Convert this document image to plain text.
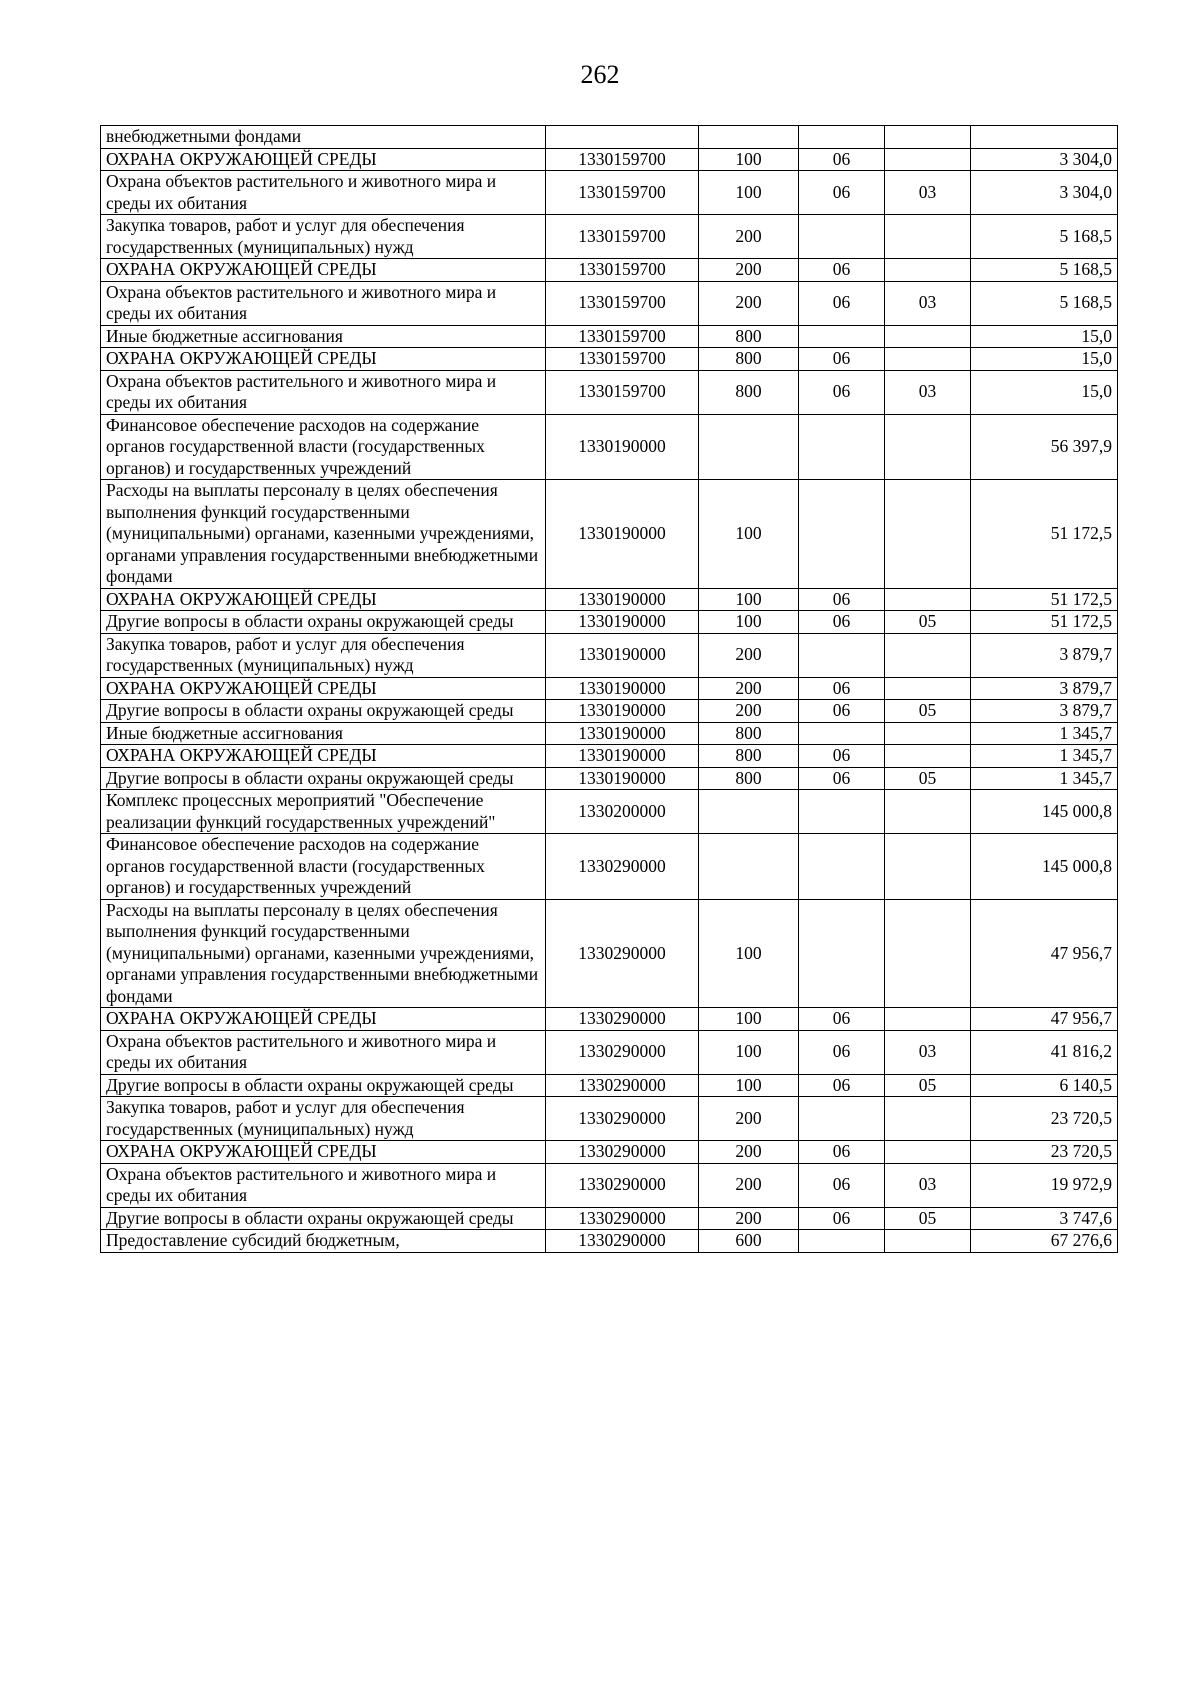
262
внебюджетными фондами					
ОХРАНА ОКРУЖАЮЩЕЙ СРЕДЫ	1330159700	100	06		3 304,0
Охрана объектов растительного и животного мира и среды их обитания	1330159700	100	06	03	3 304,0
Закупка товаров, работ и услуг для обеспечения государственных (муниципальных) нужд	1330159700	200			5 168,5
ОХРАНА ОКРУЖАЮЩЕЙ СРЕДЫ	1330159700	200	06		5 168,5
Охрана объектов растительного и животного мира и среды их обитания	1330159700	200	06	03	5 168,5
Иные бюджетные ассигнования	1330159700	800			15,0
ОХРАНА ОКРУЖАЮЩЕЙ СРЕДЫ	1330159700	800	06		15,0
Охрана объектов растительного и животного мира и среды их обитания	1330159700	800	06	03	15,0
Финансовое обеспечение расходов на содержание органов государственной власти (государственных органов) и государственных учреждений	1330190000				56 397,9
Расходы на выплаты персоналу в целях обеспечения выполнения функций государственными (муниципальными) органами, казенными учреждениями, органами управления государственными внебюджетными фондами	1330190000	100			51 172,5
ОХРАНА ОКРУЖАЮЩЕЙ СРЕДЫ	1330190000	100	06		51 172,5
Другие вопросы в области охраны окружающей среды	1330190000	100	06	05	51 172,5
Закупка товаров, работ и услуг для обеспечения государственных (муниципальных) нужд	1330190000	200			3 879,7
ОХРАНА ОКРУЖАЮЩЕЙ СРЕДЫ	1330190000	200	06		3 879,7
Другие вопросы в области охраны окружающей среды	1330190000	200	06	05	3 879,7
Иные бюджетные ассигнования	1330190000	800			1 345,7
ОХРАНА ОКРУЖАЮЩЕЙ СРЕДЫ	1330190000	800	06		1 345,7
Другие вопросы в области охраны окружающей среды	1330190000	800	06	05	1 345,7
Комплекс процессных мероприятий "Обеспечение реализации функций государственных учреждений"	1330200000				145 000,8
Финансовое обеспечение расходов на содержание органов государственной власти (государственных органов) и государственных учреждений	1330290000				145 000,8
Расходы на выплаты персоналу в целях обеспечения выполнения функций государственными (муниципальными) органами, казенными учреждениями, органами управления государственными внебюджетными фондами	1330290000	100			47 956,7
ОХРАНА ОКРУЖАЮЩЕЙ СРЕДЫ	1330290000	100	06		47 956,7
Охрана объектов растительного и животного мира и среды их обитания	1330290000	100	06	03	41 816,2
Другие вопросы в области охраны окружающей среды	1330290000	100	06	05	6 140,5
Закупка товаров, работ и услуг для обеспечения государственных (муниципальных) нужд	1330290000	200			23 720,5
ОХРАНА ОКРУЖАЮЩЕЙ СРЕДЫ	1330290000	200	06		23 720,5
Охрана объектов растительного и животного мира и среды их обитания	1330290000	200	06	03	19 972,9
Другие вопросы в области охраны окружающей среды	1330290000	200	06	05	3 747,6
Предоставление субсидий бюджетным,	1330290000	600			67 276,6
